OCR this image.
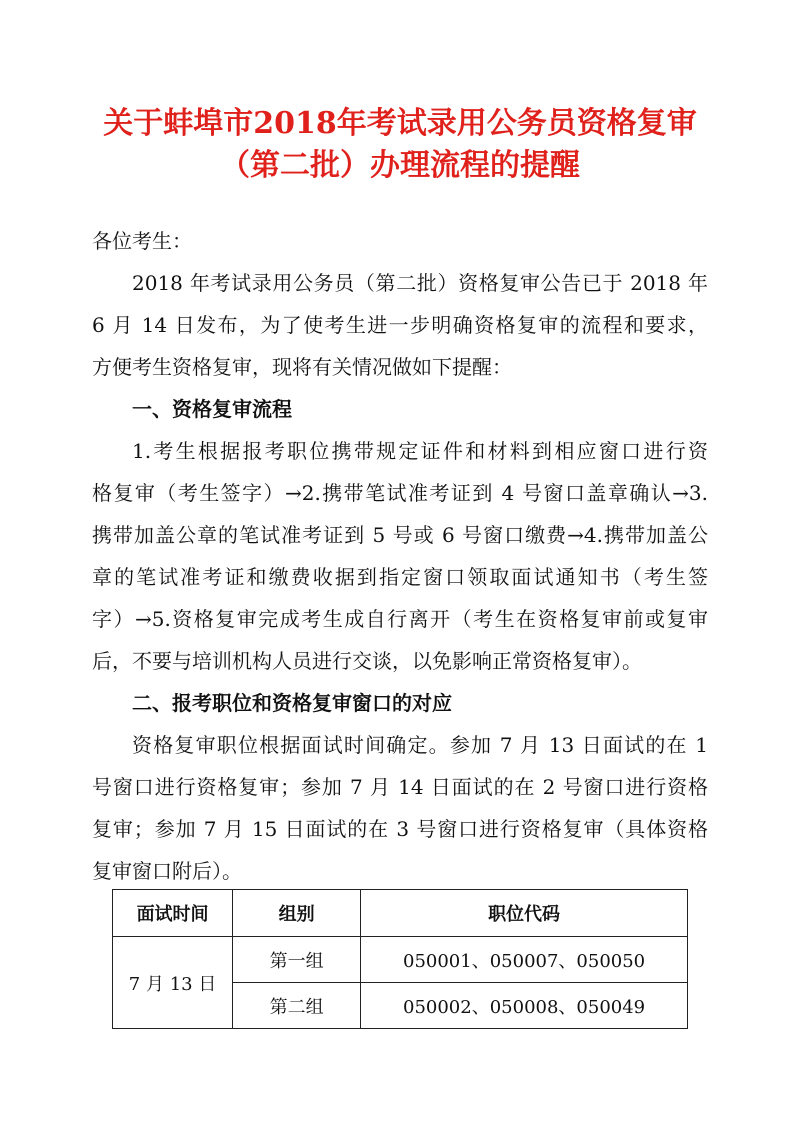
关于蚌埠市2018年考试录用公务员资格复审
（第二批）办理流程的提醒
各位考生：
2018 年考试录用公务员（第二批）资格复审公告已于 2018 年
6 月 14 日发布，为了使考生进一步明确资格复审的流程和要求，
方便考生资格复审，现将有关情况做如下提醒：
一、资格复审流程
1.考生根据报考职位携带规定证件和材料到相应窗口进行资
格复审（考生签字）→2.携带笔试准考证到 4 号窗口盖章确认→3.
携带加盖公章的笔试准考证到 5 号或 6 号窗口缴费→4.携带加盖公
章的笔试准考证和缴费收据到指定窗口领取面试通知书（考生签
字）→5.资格复审完成考生成自行离开（考生在资格复审前或复审
后，不要与培训机构人员进行交谈，以免影响正常资格复审）。
二、报考职位和资格复审窗口的对应
资格复审职位根据面试时间确定。参加 7 月 13 日面试的在 1
号窗口进行资格复审；参加 7 月 14 日面试的在 2 号窗口进行资格
复审；参加 7 月 15 日面试的在 3 号窗口进行资格复审（具体资格
复审窗口附后）。
面试时间	组别	职位代码
7 月 13 日	第一组	050001、050007、050050
	第二组	050002、050008、050049
